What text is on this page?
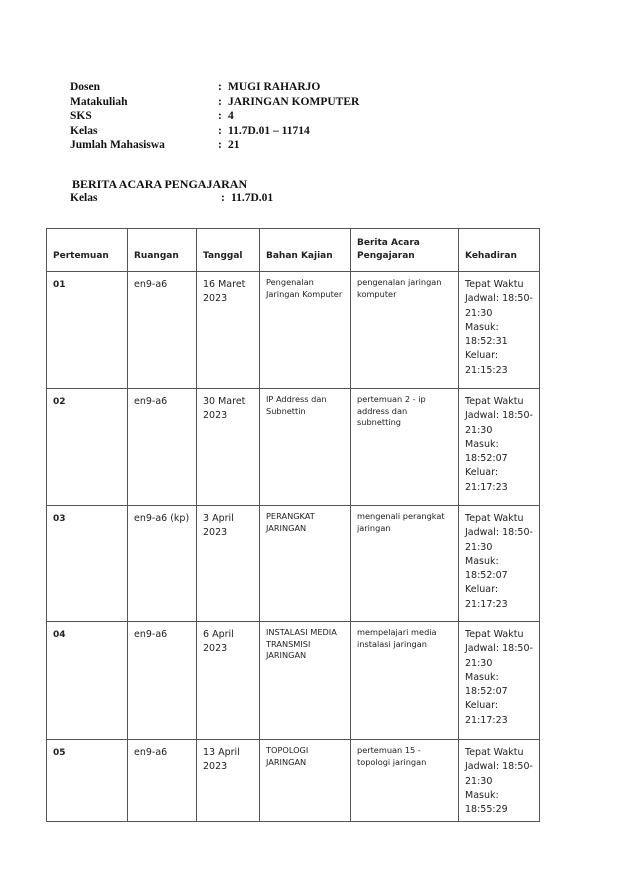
Dosen	: MUGI RAHARJO
Matakuliah	: JARINGAN KOMPUTER
SKS	: 4
Kelas	: 11.7D.01 – 11714
Jumlah Mahasiswa	: 21
BERITA ACARA PENGAJARAN
Kelas	: 11.7D.01
Pertemuan	Ruangan	Tanggal	Bahan Kajian	Berita Acara Pengajaran	Kehadiran
01	en9-a6	16 Maret 2023	Pengenalan Jaringan Komputer	pengenalan jaringan komputer	Tepat Waktu
Jadwal: 18:50-21:30
Masuk: 18:52:31
Keluar: 21:15:23

02	en9-a6	30 Maret 2023	IP Address dan Subnettin	pertemuan 2 - ip address dan subnetting	Tepat Waktu
Jadwal: 18:50-21:30
Masuk: 18:52:07
Keluar: 21:17:23

03	en9-a6 (kp)	3 April 2023	PERANGKAT JARINGAN	mengenali perangkat jaringan	Tepat Waktu
Jadwal: 18:50-21:30
Masuk: 18:52:07
Keluar: 21:17:23

04	en9-a6	6 April 2023	INSTALASI MEDIA TRANSMISI JARINGAN	mempelajari media instalasi jaringan	Tepat Waktu
Jadwal: 18:50-21:30
Masuk: 18:52:07
Keluar: 21:17:23

05	en9-a6	13 April 2023	TOPOLOGI JARINGAN	pertemuan 15 - topologi jaringan	Tepat Waktu
Jadwal: 18:50-21:30
Masuk: 18:55:29
